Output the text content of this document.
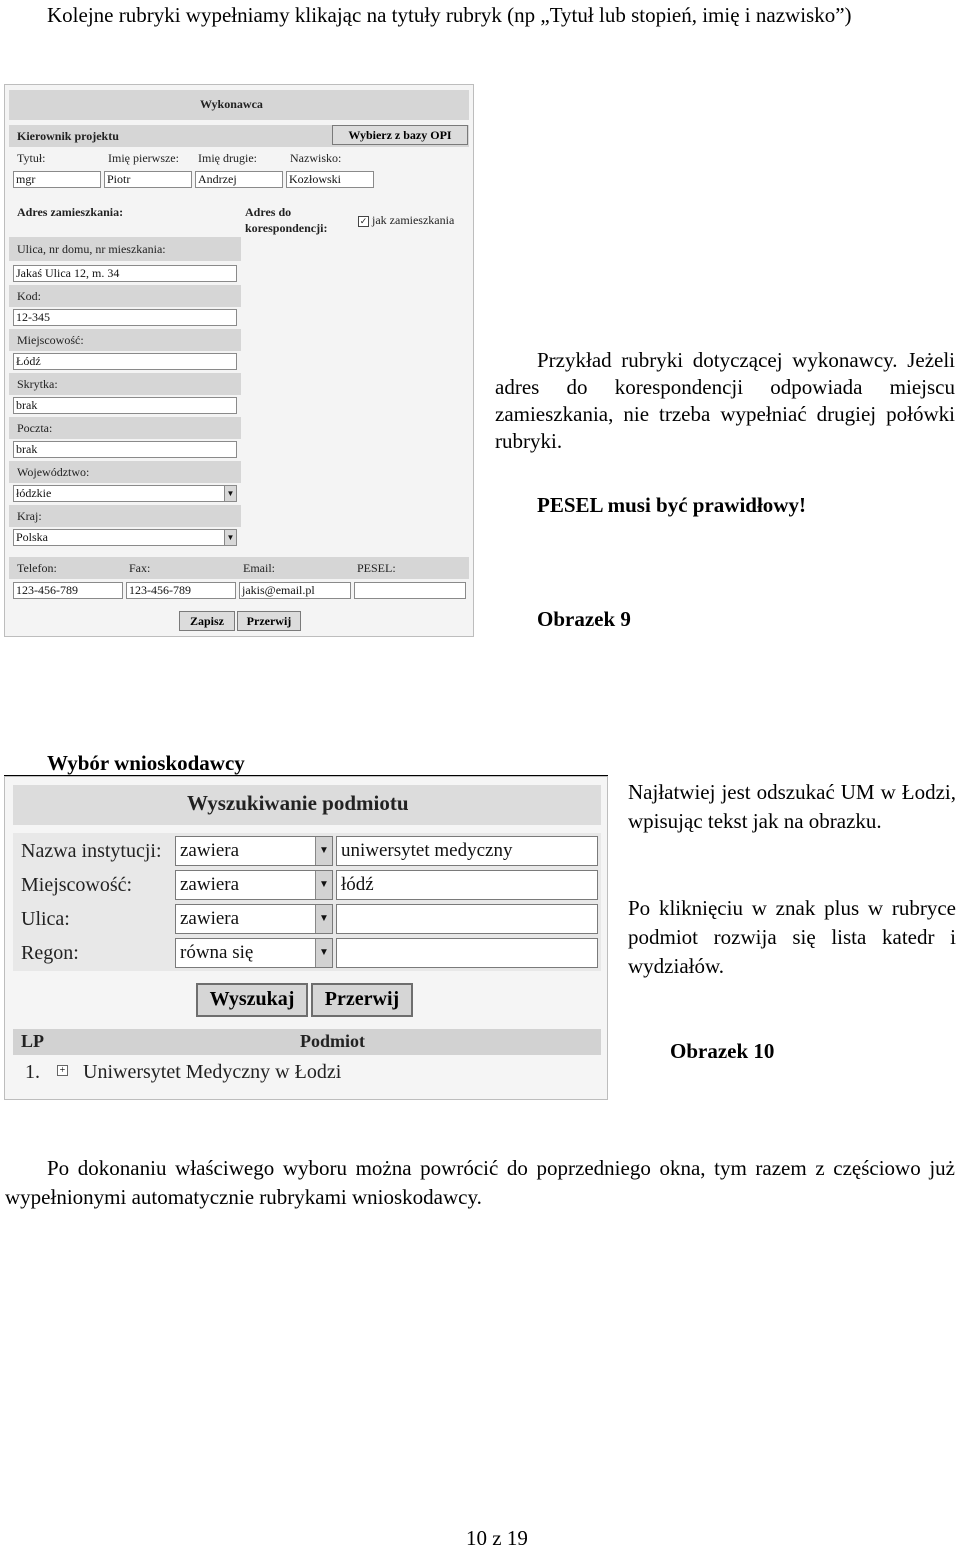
Kolejne rubryki wypełniamy klikając na tytuły rubryk (np „Tytuł lub stopień, imię i nazwisko”)
Wykonawca
Kierownik projektu	Wybierz z bazy OPI
Tytuł:	Imię pierwsze: Imię drugie:	Nazwisko:
mgr	Piotr	Andrzej	Kozłowski
Adres zamieszkania:	Adres do
korespondencji:
✓ jak zamieszkania
Ulica, nr domu, nr mieszkania:
Jakaś Ulica 12, m. 34
Kod:
12-345
Miejscowość:
Łódź
Skrytka:
brak
Poczta:
brak
Województwo:
łódzkie	▼
Kraj:
Polska	▼
Telefon:	Fax:	Email:	PESEL:
123-456-789	123-456-789	jakis@email.pl
Zapisz	Przerwij
Przykład rubryki dotyczącej wykonawcy. Jeżeli adres do korespondencji odpowiada miejscu zamieszkania, nie trzeba wypełniać drugiej połówki rubryki.
PESEL musi być prawidłowy!
Obrazek 9
Wybór wnioskodawcy
Wyszukiwanie podmiotu
Nazwa instytucji: zawiera	▼ uniwersytet medyczny
Miejscowość:	zawiera	▼ łódź
Ulica:	zawiera	▼
Regon:	równa się	▼
Wyszukaj	Przerwij
LP	Podmiot
1. + Uniwersytet Medyczny w Łodzi
Najłatwiej jest odszukać UM w Łodzi, wpisując tekst jak na obrazku.
Po kliknięciu w znak plus w rubryce podmiot rozwija się lista katedr i wydziałów.
Obrazek 10
Po dokonaniu właściwego wyboru można powrócić do poprzedniego okna, tym razem z częściowo już wypełnionymi automatycznie rubrykami wnioskodawcy.
10 z 19
